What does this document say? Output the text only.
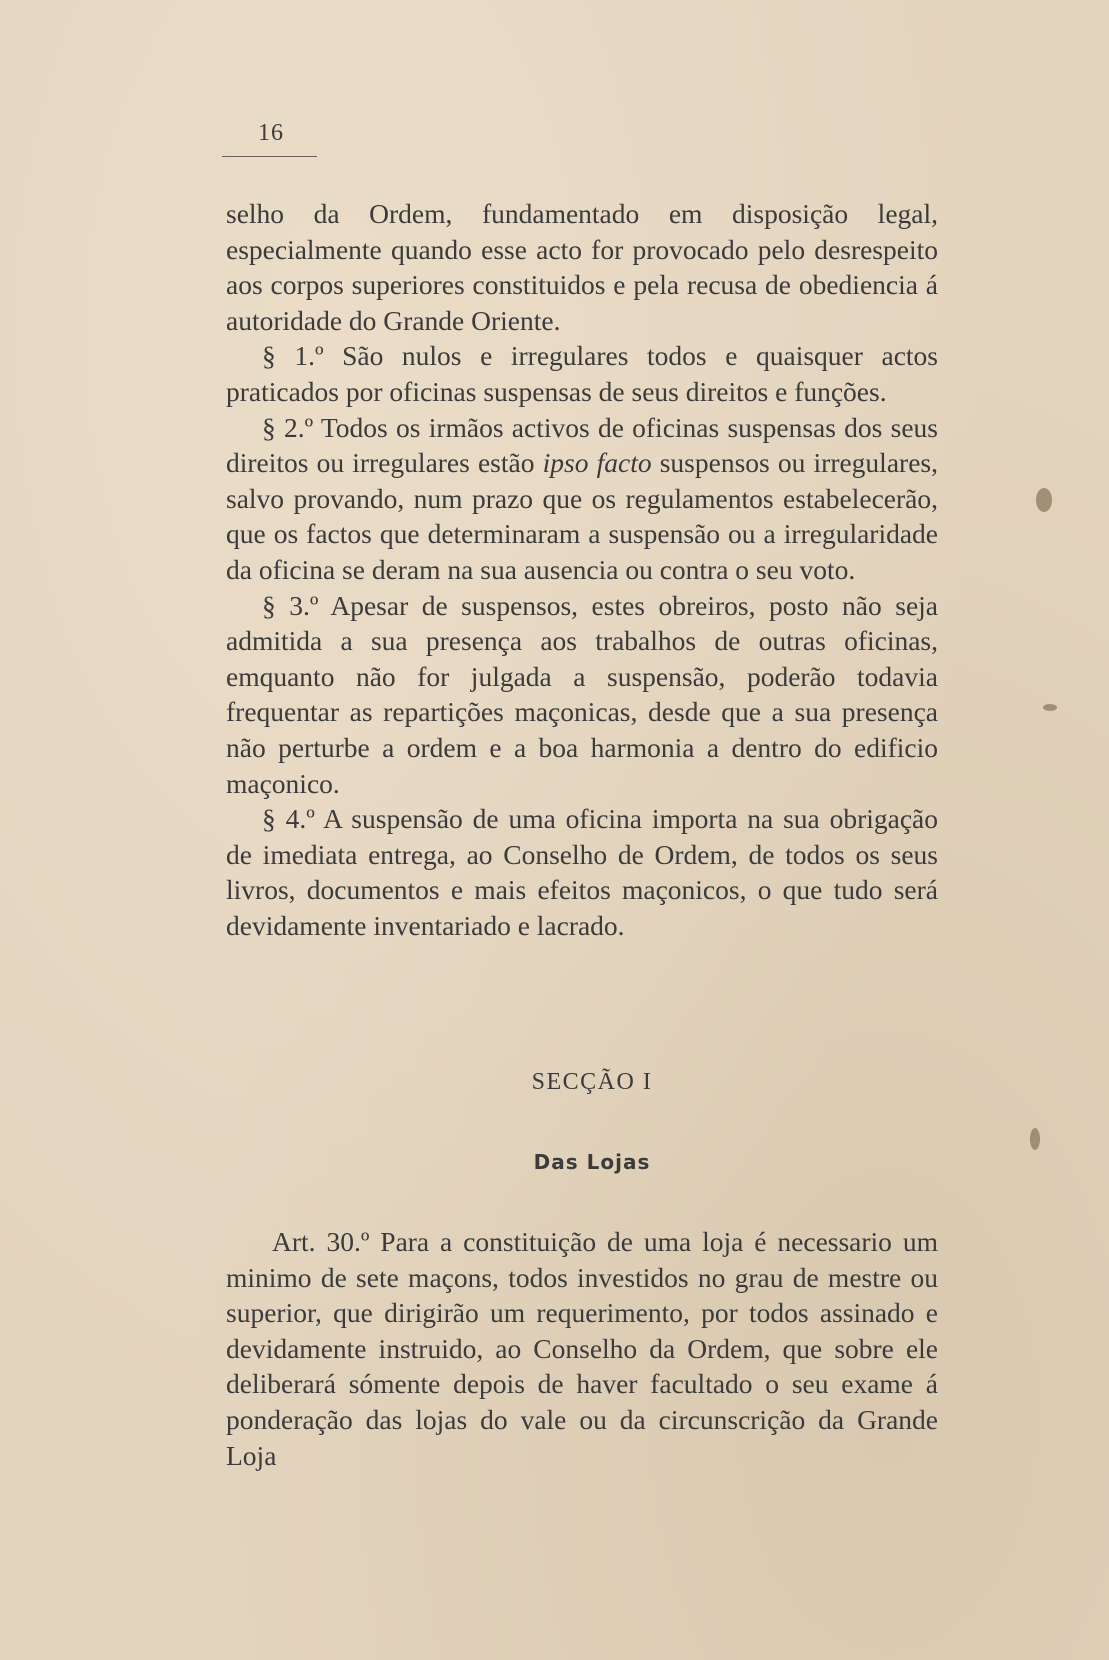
16

selho da Ordem, fundamentado em disposição legal, especialmente quando esse acto for provocado pelo desrespeito aos corpos superiores constituidos e pela recusa de obediencia á autoridade do Grande Oriente.

§ 1.º São nulos e irregulares todos e quaisquer actos praticados por oficinas suspensas de seus direitos e funções.

§ 2.º Todos os irmãos activos de oficinas suspensas dos seus direitos ou irregulares estão ipso facto suspensos ou irregulares, salvo provando, num prazo que os regulamentos estabelecerão, que os factos que determinaram a suspensão ou a irregularidade da oficina se deram na sua ausencia ou contra o seu voto.

§ 3.º Apesar de suspensos, estes obreiros, posto não seja admitida a sua presença aos trabalhos de outras oficinas, emquanto não for julgada a suspensão, poderão todavia frequentar as repartições maçonicas, desde que a sua presença não perturbe a ordem e a boa harmonia a dentro do edificio maçonico.

§ 4.º A suspensão de uma oficina importa na sua obrigação de imediata entrega, ao Conselho de Ordem, de todos os seus livros, documentos e mais efeitos maçonicos, o que tudo será devidamente inventariado e lacrado.

SECÇÃO I
Das Lojas

Art. 30.º Para a constituição de uma loja é necessario um minimo de sete maçons, todos investidos no grau de mestre ou superior, que dirigirão um requerimento, por todos assinado e devidamente instruido, ao Conselho da Ordem, que sobre ele deliberará sómente depois de haver facultado o seu exame á ponderação das lojas do vale ou da circunscrição da Grande Loja
